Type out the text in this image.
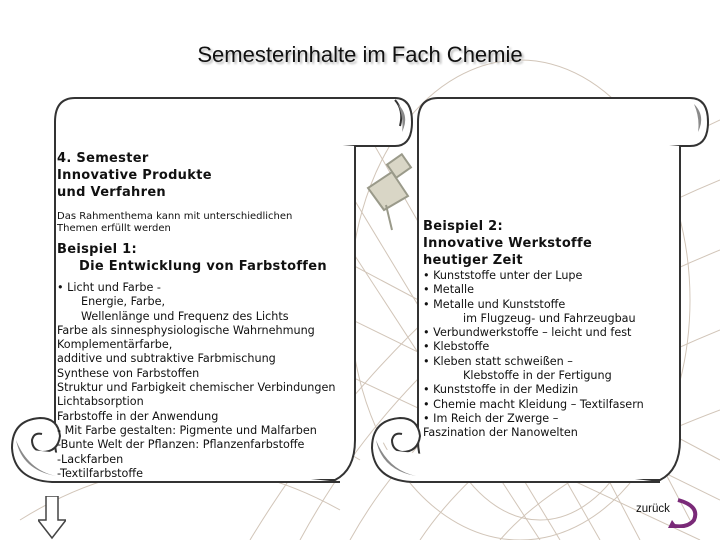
Semesterinhalte im Fach Chemie
4. Semester
Innovative Produkte
und Verfahren
Das Rahmenthema kann mit unterschiedlichen
Themen erfüllt werden
Beispiel 1:
Die Entwicklung von Farbstoffen
• Licht und Farbe -
Energie, Farbe,
Wellenlänge und Frequenz des Lichts
Farbe als sinnesphysiologische Wahrnehmung
Komplementärfarbe,
additive und subtraktive Farbmischung
Synthese von Farbstoffen
Struktur und Farbigkeit chemischer Verbindungen
Lichtabsorption
Farbstoffe in der Anwendung
- Mit Farbe gestalten: Pigmente und Malfarben
-Bunte Welt der Pflanzen: Pflanzenfarbstoffe
-Lackfarben
-Textilfarbstoffe
Beispiel 2:
Innovative Werkstoffe
heutiger Zeit
• Kunststoffe unter der Lupe
• Metalle
• Metalle und Kunststoffe
im Flugzeug- und Fahrzeugbau
• Verbundwerkstoffe – leicht und fest
• Klebstoffe
• Kleben statt schweißen –
Klebstoffe in der Fertigung
• Kunststoffe in der Medizin
• Chemie macht Kleidung – Textilfasern
• Im Reich der Zwerge –
Faszination der Nanowelten
zurück
